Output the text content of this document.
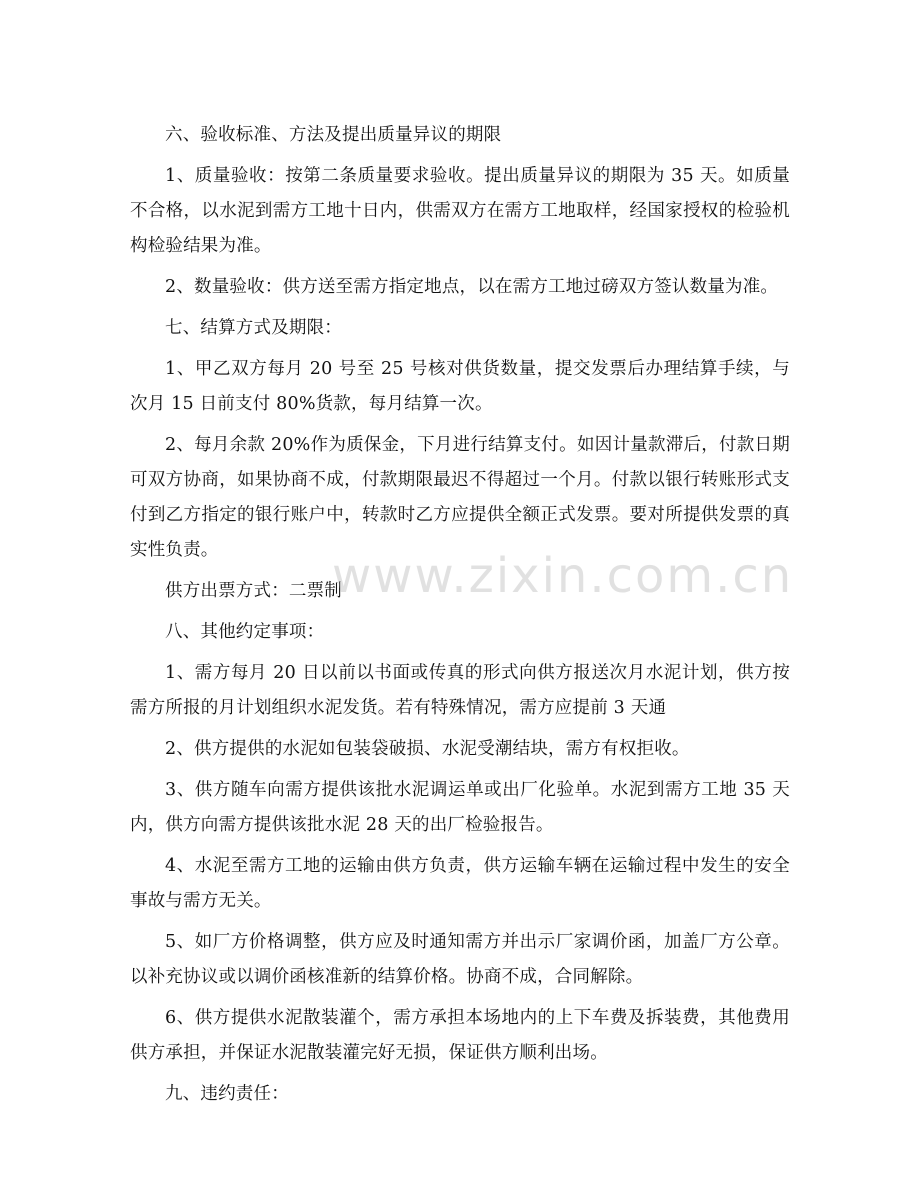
六、验收标准、方法及提出质量异议的期限

1、质量验收：按第二条质量要求验收。提出质量异议的期限为 35 天。如质量不合格，以水泥到需方工地十日内，供需双方在需方工地取样，经国家授权的检验机构检验结果为准。

2、数量验收：供方送至需方指定地点，以在需方工地过磅双方签认数量为准。

七、结算方式及期限：

1、甲乙双方每月 20 号至 25 号核对供货数量，提交发票后办理结算手续，与次月 15 日前支付 80%货款，每月结算一次。

2、每月余款 20%作为质保金，下月进行结算支付。如因计量款滞后，付款日期可双方协商，如果协商不成，付款期限最迟不得超过一个月。付款以银行转账形式支付到乙方指定的银行账户中，转款时乙方应提供全额正式发票。要对所提供发票的真实性负责。

供方出票方式：二票制

八、其他约定事项：

1、需方每月 20 日以前以书面或传真的形式向供方报送次月水泥计划，供方按需方所报的月计划组织水泥发货。若有特殊情况，需方应提前 3 天通

2、供方提供的水泥如包装袋破损、水泥受潮结块，需方有权拒收。

3、供方随车向需方提供该批水泥调运单或出厂化验单。水泥到需方工地 35 天内，供方向需方提供该批水泥 28 天的出厂检验报告。

4、水泥至需方工地的运输由供方负责，供方运输车辆在运输过程中发生的安全事故与需方无关。

5、如厂方价格调整，供方应及时通知需方并出示厂家调价函，加盖厂方公章。以补充协议或以调价函核准新的结算价格。协商不成，合同解除。

6、供方提供水泥散装灌个，需方承担本场地内的上下车费及拆装费，其他费用供方承担，并保证水泥散装灌完好无损，保证供方顺利出场。

九、违约责任：

www.zixin.com.cn
